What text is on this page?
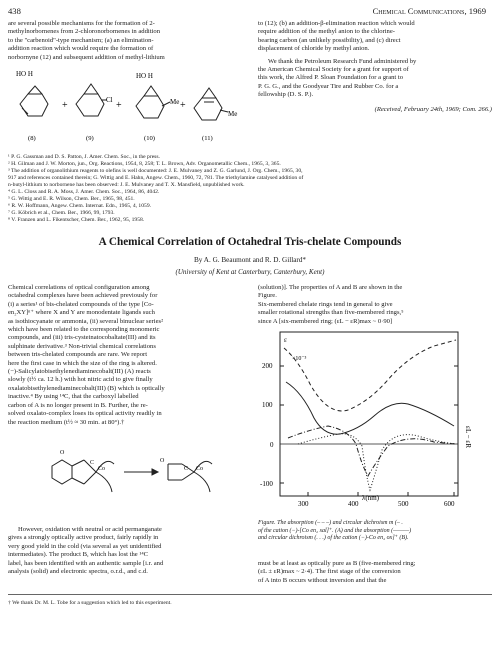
438	Chemical Communications, 1969
are several possible mechanisms for the formation of 2-
methylnorbornenes from 2-chloronorbornenes in addition
to the "carbenoid"-type mechanism; (a) an elimination-
addition reaction which would require the formation of
norbornyne (12) and subsequent addition of methyl-lithium
to (12); (b) an addition-β-elimination reaction which would
require addition of the methyl anion to the chlorine-
bearing carbon (an unlikely possibility), and (c) direct
displacement of chloride by methyl anion.
We thank the Petroleum Research Fund administered by
the American Chemical Society for a grant for support of
this work, the Alfred P. Sloan Foundation for a grant to
P. G. G., and the Goodyear Tire and Rubber Co. for a
fellowship (D. S. P.).
(Received, February 24th, 1969; Com. 266.)
HO H
+	Cl +
HO H
Me +
Me
(8)	(9)	(10)	(11)
¹ P. G. Gassman and D. S. Patton, J. Amer. Chem. Soc., in the press.
² H. Gilman and J. W. Morton, jun., Org. Reactions, 1954, 8, 258; T. L. Brown, Adv. Organometallic Chem., 1965, 3, 365.
³ The addition of organolithium reagents to olefins is well documented: J. E. Mulvaney and Z. G. Garlund, J. Org. Chem., 1965, 30,
917 and references contained therein; G. Wittig and E. Hahn, Angew. Chem., 1960, 72, 781. The triethylamine catalysed addition of
n-butyl-lithium to norbornene has been observed: J. E. Mulvaney and T. X. Mansfield, unpublished work.
⁴ G. L. Closs and R. A. Moss, J. Amer. Chem. Soc., 1964, 86, 4042.
⁵ G. Wittig and E. R. Wilson, Chem. Ber., 1965, 98, 451.
⁶ R. W. Hoffmann, Angew. Chem. Internat. Edn., 1965, 4, 1059.
⁷ G. Köbrich et al., Chem. Ber., 1966, 99, 1793.
⁸ V. Franzen and L. Fikentscher, Chem. Ber., 1962, 95, 1958.
A Chemical Correlation of Octahedral Tris-chelate Compounds
By A. G. Beaumont and R. D. Gillard*
(University of Kent at Canterbury, Canterbury, Kent)
Chemical correlations of optical configuration among
octahedral complexes have been achieved previously for
(i) a series¹ of bis-chelated compounds of the type [Co-
en₂XY]ⁿ⁺ where X and Y are monodentate ligands such
as isothiocyanate or ammonia, (ii) several binuclear series²
which have been related to the corresponding monomeric
compounds, and (iii) tris-cysteinatocobaltate(III) and its
sulphinate derivative.³ Non-trivial chemical correlations
between tris-chelated compounds are rare. We report
here the first case in which the size of the ring is altered.
(−)-Salicylatobisethylenediaminecobalt(III) (A) reacts
slowly (t½ ca. 12 h.) with hot nitric acid to give finally
oxalatobisethylenediaminecobalt(III) (B) which is optically
inactive.⁴ By using ¹⁴C, that the carboxyl labelled
carbon of A is no longer present in B. Further, the re-
solved oxalato-complex loses its optical activity readily in
the reaction medium (t½ ≈ 30 min. at 80°).†
O
C
Co
O
C Co
However, oxidation with neutral or acid permanganate
gives a strongly optically active product, fairly rapidly in
very good yield in the cold (via several as yet unidentified
intermediates). The product B, which has lost the ¹⁴C
label, has been identified with an authentic sample [i.r. and
analysis (solid) and electronic spectra, o.r.d., and c.d.
(solution)]. The properties of A and B are shown in the
Figure.
Six-membered chelate rings tend in general to give
smaller rotational strengths than five-membered rings,⁵
since A [six-membered ring; (εL − εR)max ~ 0·90]
200
100
0
-100
300	400	500	600
λ(nm)
ε
×10⁻³
εL − εR
Figure. The absorption (– – –) and circular dichroism m (– .
of the cation (−)-[Co en₂ sal]⁺. (A) and the absorption (———)
and circular dichroism (. . .) of the cation (−)-Co en₂ ox]⁺ (B).
must be at least as optically pure as B (five-membered ring;
(εL ± εR)max ~ 2·4). The first stage of the conversion
of A into B occurs without inversion and that the
† We thank Dr. M. L. Tobe for a suggestion which led to this experiment.
